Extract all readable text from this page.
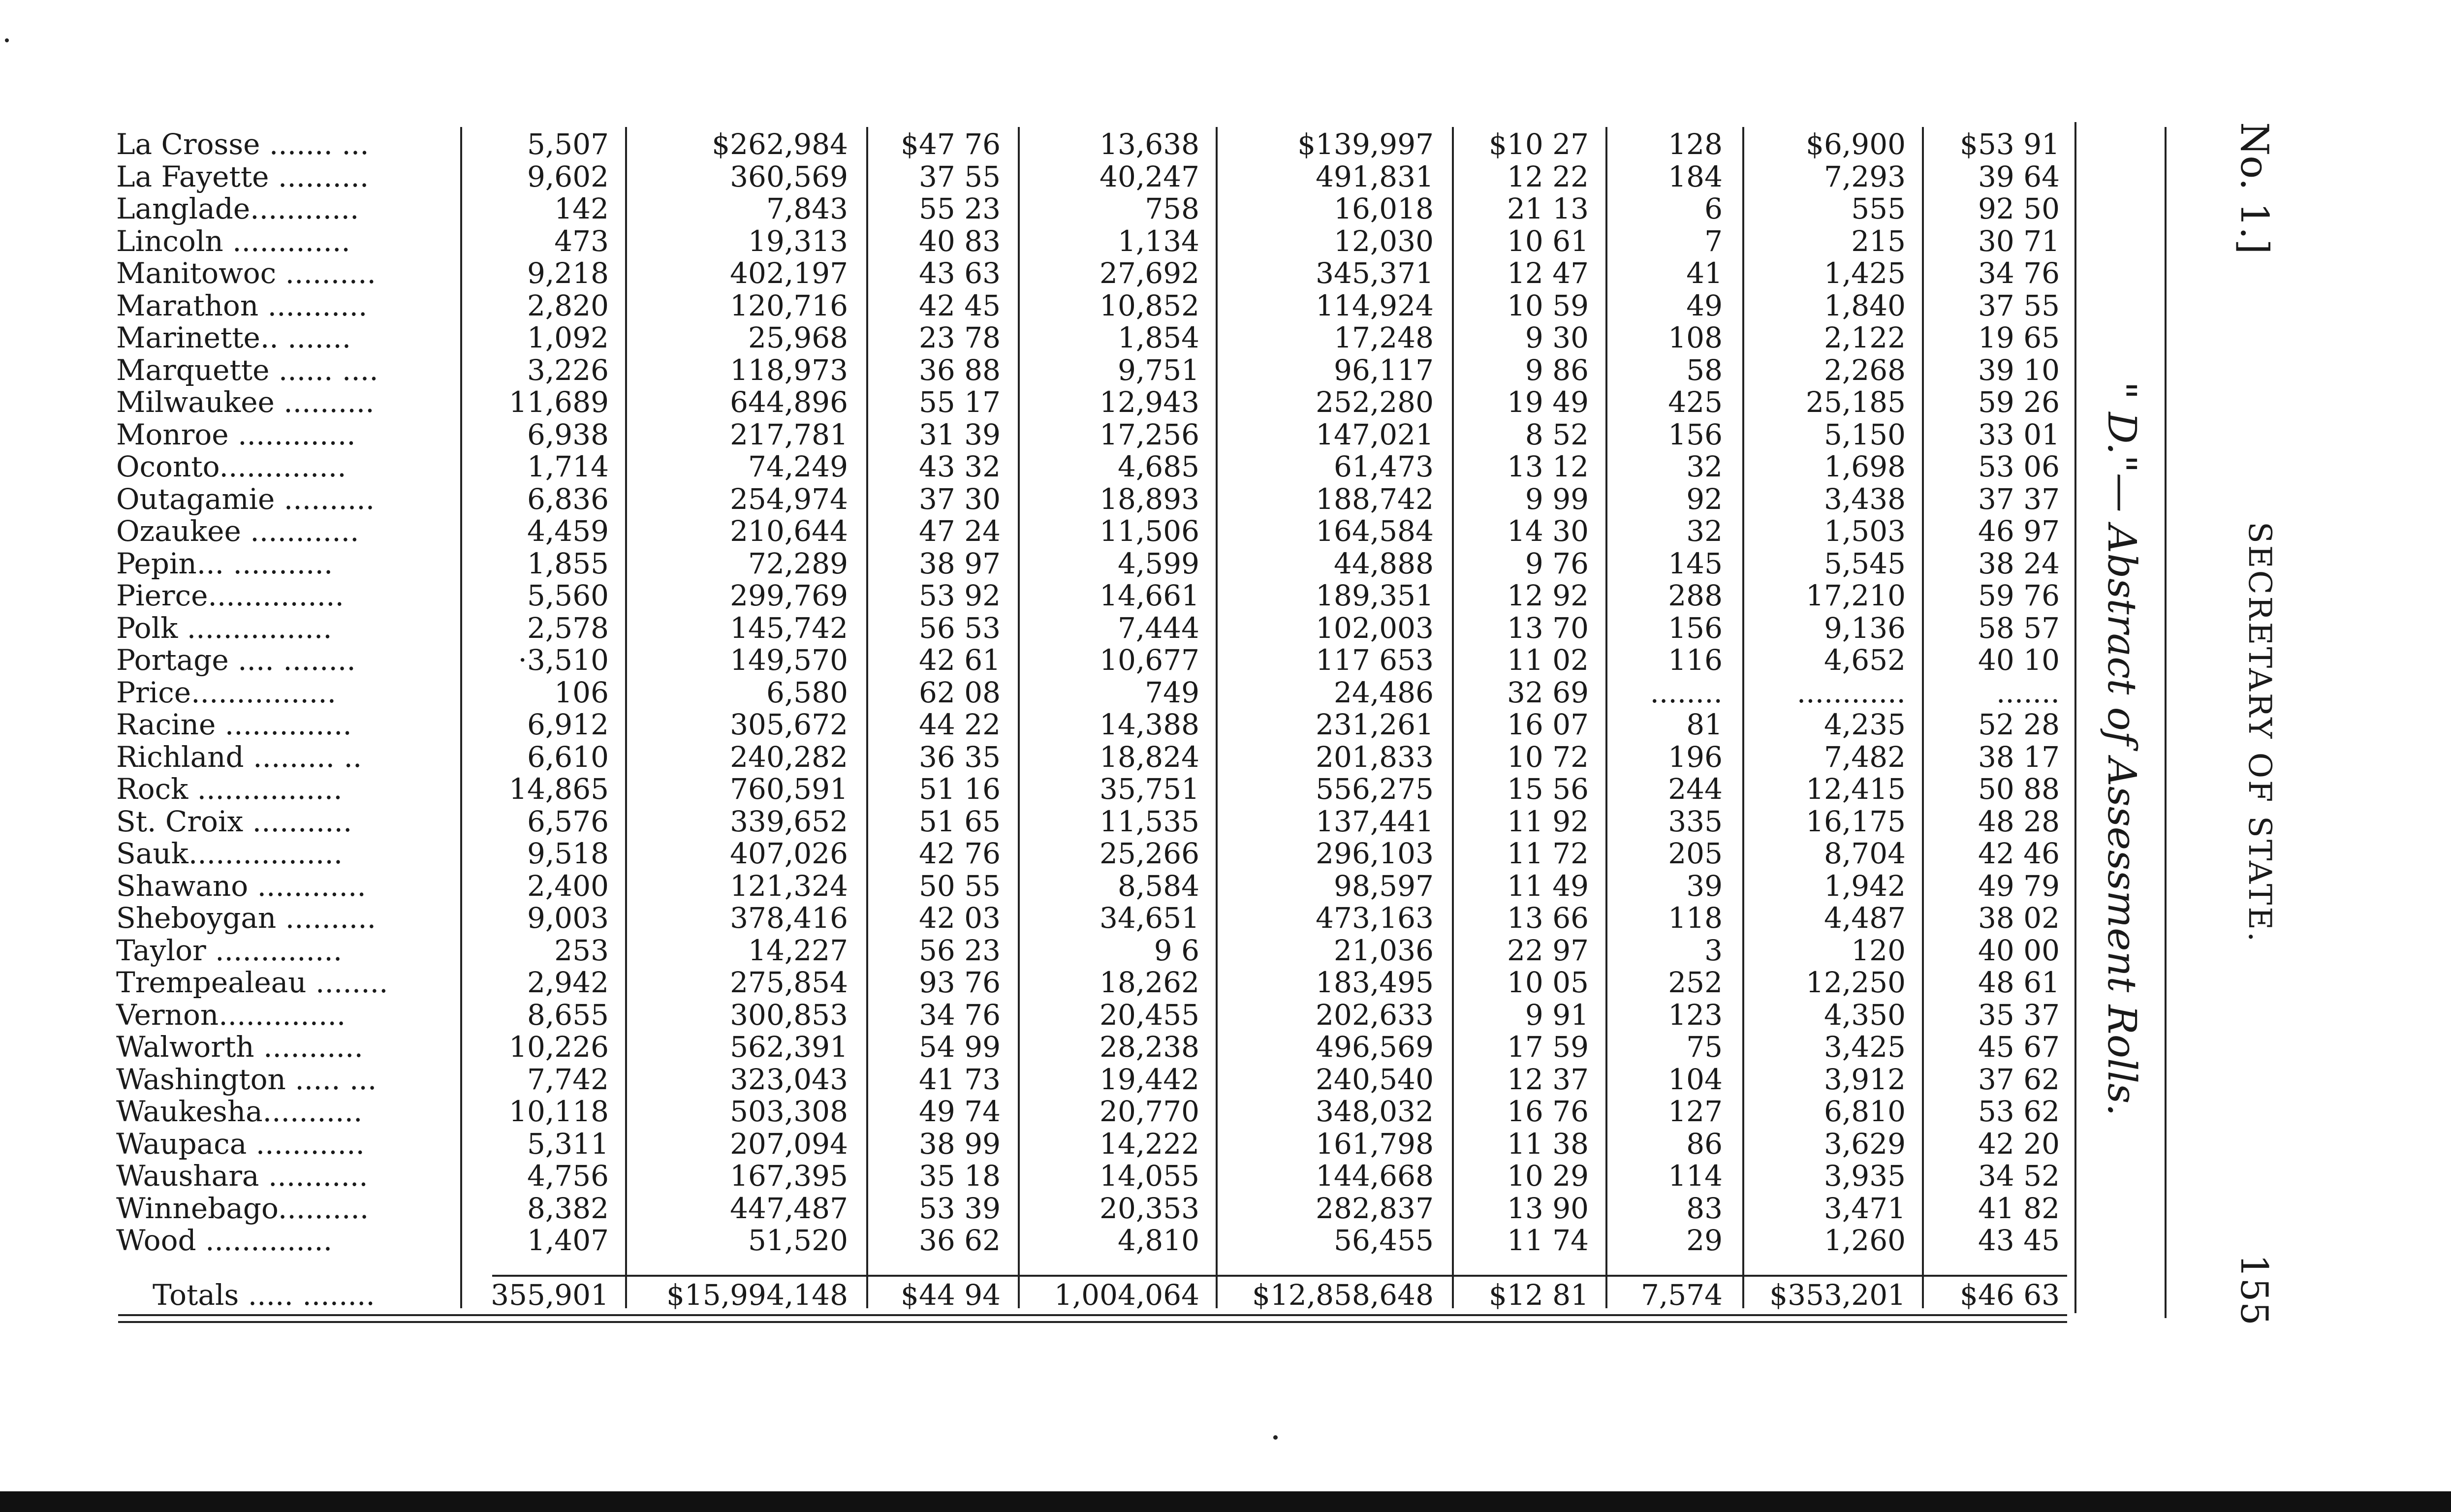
La Crosse ....... ...	5,507	$262,984	$47 76	13,638	$139,997	$10 27	128	$6,900	$53 91
La Fayette ..........	9,602	360,569	37 55	40,247	491,831	12 22	184	7,293	39 64
Langlade............	142	7,843	55 23	758	16,018	21 13	6	555	92 50
Lincoln .............	473	19,313	40 83	1,134	12,030	10 61	7	215	30 71
Manitowoc ..........	9,218	402,197	43 63	27,692	345,371	12 47	41	1,425	34 76
Marathon ...........	2,820	120,716	42 45	10,852	114,924	10 59	49	1,840	37 55
Marinette.. .......	1,092	25,968	23 78	1,854	17,248	9 30	108	2,122	19 65
Marquette ...... ....	3,226	118,973	36 88	9,751	96,117	9 86	58	2,268	39 10
Milwaukee ..........	11,689	644,896	55 17	12,943	252,280	19 49	425	25,185	59 26
Monroe .............	6,938	217,781	31 39	17,256	147,021	8 52	156	5,150	33 01
Oconto..............	1,714	74,249	43 32	4,685	61,473	13 12	32	1,698	53 06
Outagamie ..........	6,836	254,974	37 30	18,893	188,742	9 99	92	3,438	37 37
Ozaukee ............	4,459	210,644	47 24	11,506	164,584	14 30	32	1,503	46 97
Pepin... ...........	1,855	72,289	38 97	4,599	44,888	9 76	145	5,545	38 24
Pierce...............	5,560	299,769	53 92	14,661	189,351	12 92	288	17,210	59 76
Polk ................	2,578	145,742	56 53	7,444	102,003	13 70	156	9,136	58 57
Portage .... ........	·3,510	149,570	42 61	10,677	117 653	11 02	116	4,652	40 10
Price................	106	6,580	62 08	749	24,486	32 69	........	............	.......
Racine ..............	6,912	305,672	44 22	14,388	231,261	16 07	81	4,235	52 28
Richland ......... ..	6,610	240,282	36 35	18,824	201,833	10 72	196	7,482	38 17
Rock ................	14,865	760,591	51 16	35,751	556,275	15 56	244	12,415	50 88
St. Croix ...........	6,576	339,652	51 65	11,535	137,441	11 92	335	16,175	48 28
Sauk.................	9,518	407,026	42 76	25,266	296,103	11 72	205	8,704	42 46
Shawano ............	2,400	121,324	50 55	8,584	98,597	11 49	39	1,942	49 79
Sheboygan ..........	9,003	378,416	42 03	34,651	473,163	13 66	118	4,487	38 02
Taylor ..............	253	14,227	56 23	9 6	21,036	22 97	3	120	40 00
Trempealeau ........	2,942	275,854	93 76	18,262	183,495	10 05	252	12,250	48 61
Vernon..............	8,655	300,853	34 76	20,455	202,633	9 91	123	4,350	35 37
Walworth ...........	10,226	562,391	54 99	28,238	496,569	17 59	75	3,425	45 67
Washington ..... ...	7,742	323,043	41 73	19,442	240,540	12 37	104	3,912	37 62
Waukesha...........	10,118	503,308	49 74	20,770	348,032	16 76	127	6,810	53 62
Waupaca ............	5,311	207,094	38 99	14,222	161,798	11 38	86	3,629	42 20
Waushara ...........	4,756	167,395	35 18	14,055	144,668	10 29	114	3,935	34 52
Winnebago..........	8,382	447,487	53 39	20,353	282,837	13 90	83	3,471	41 82
Wood ..............	1,407	51,520	36 62	4,810	56,455	11 74	29	1,260	43 45
Totals ..... ........	355,901	$15,994,148	$44 94	1,004,064	$12,858,648	$12 81	7,574	$353,201	$46 63
No. 1.]
SECRETARY OF STATE.
155
" D."— Abstract of Assessment Rolls.
